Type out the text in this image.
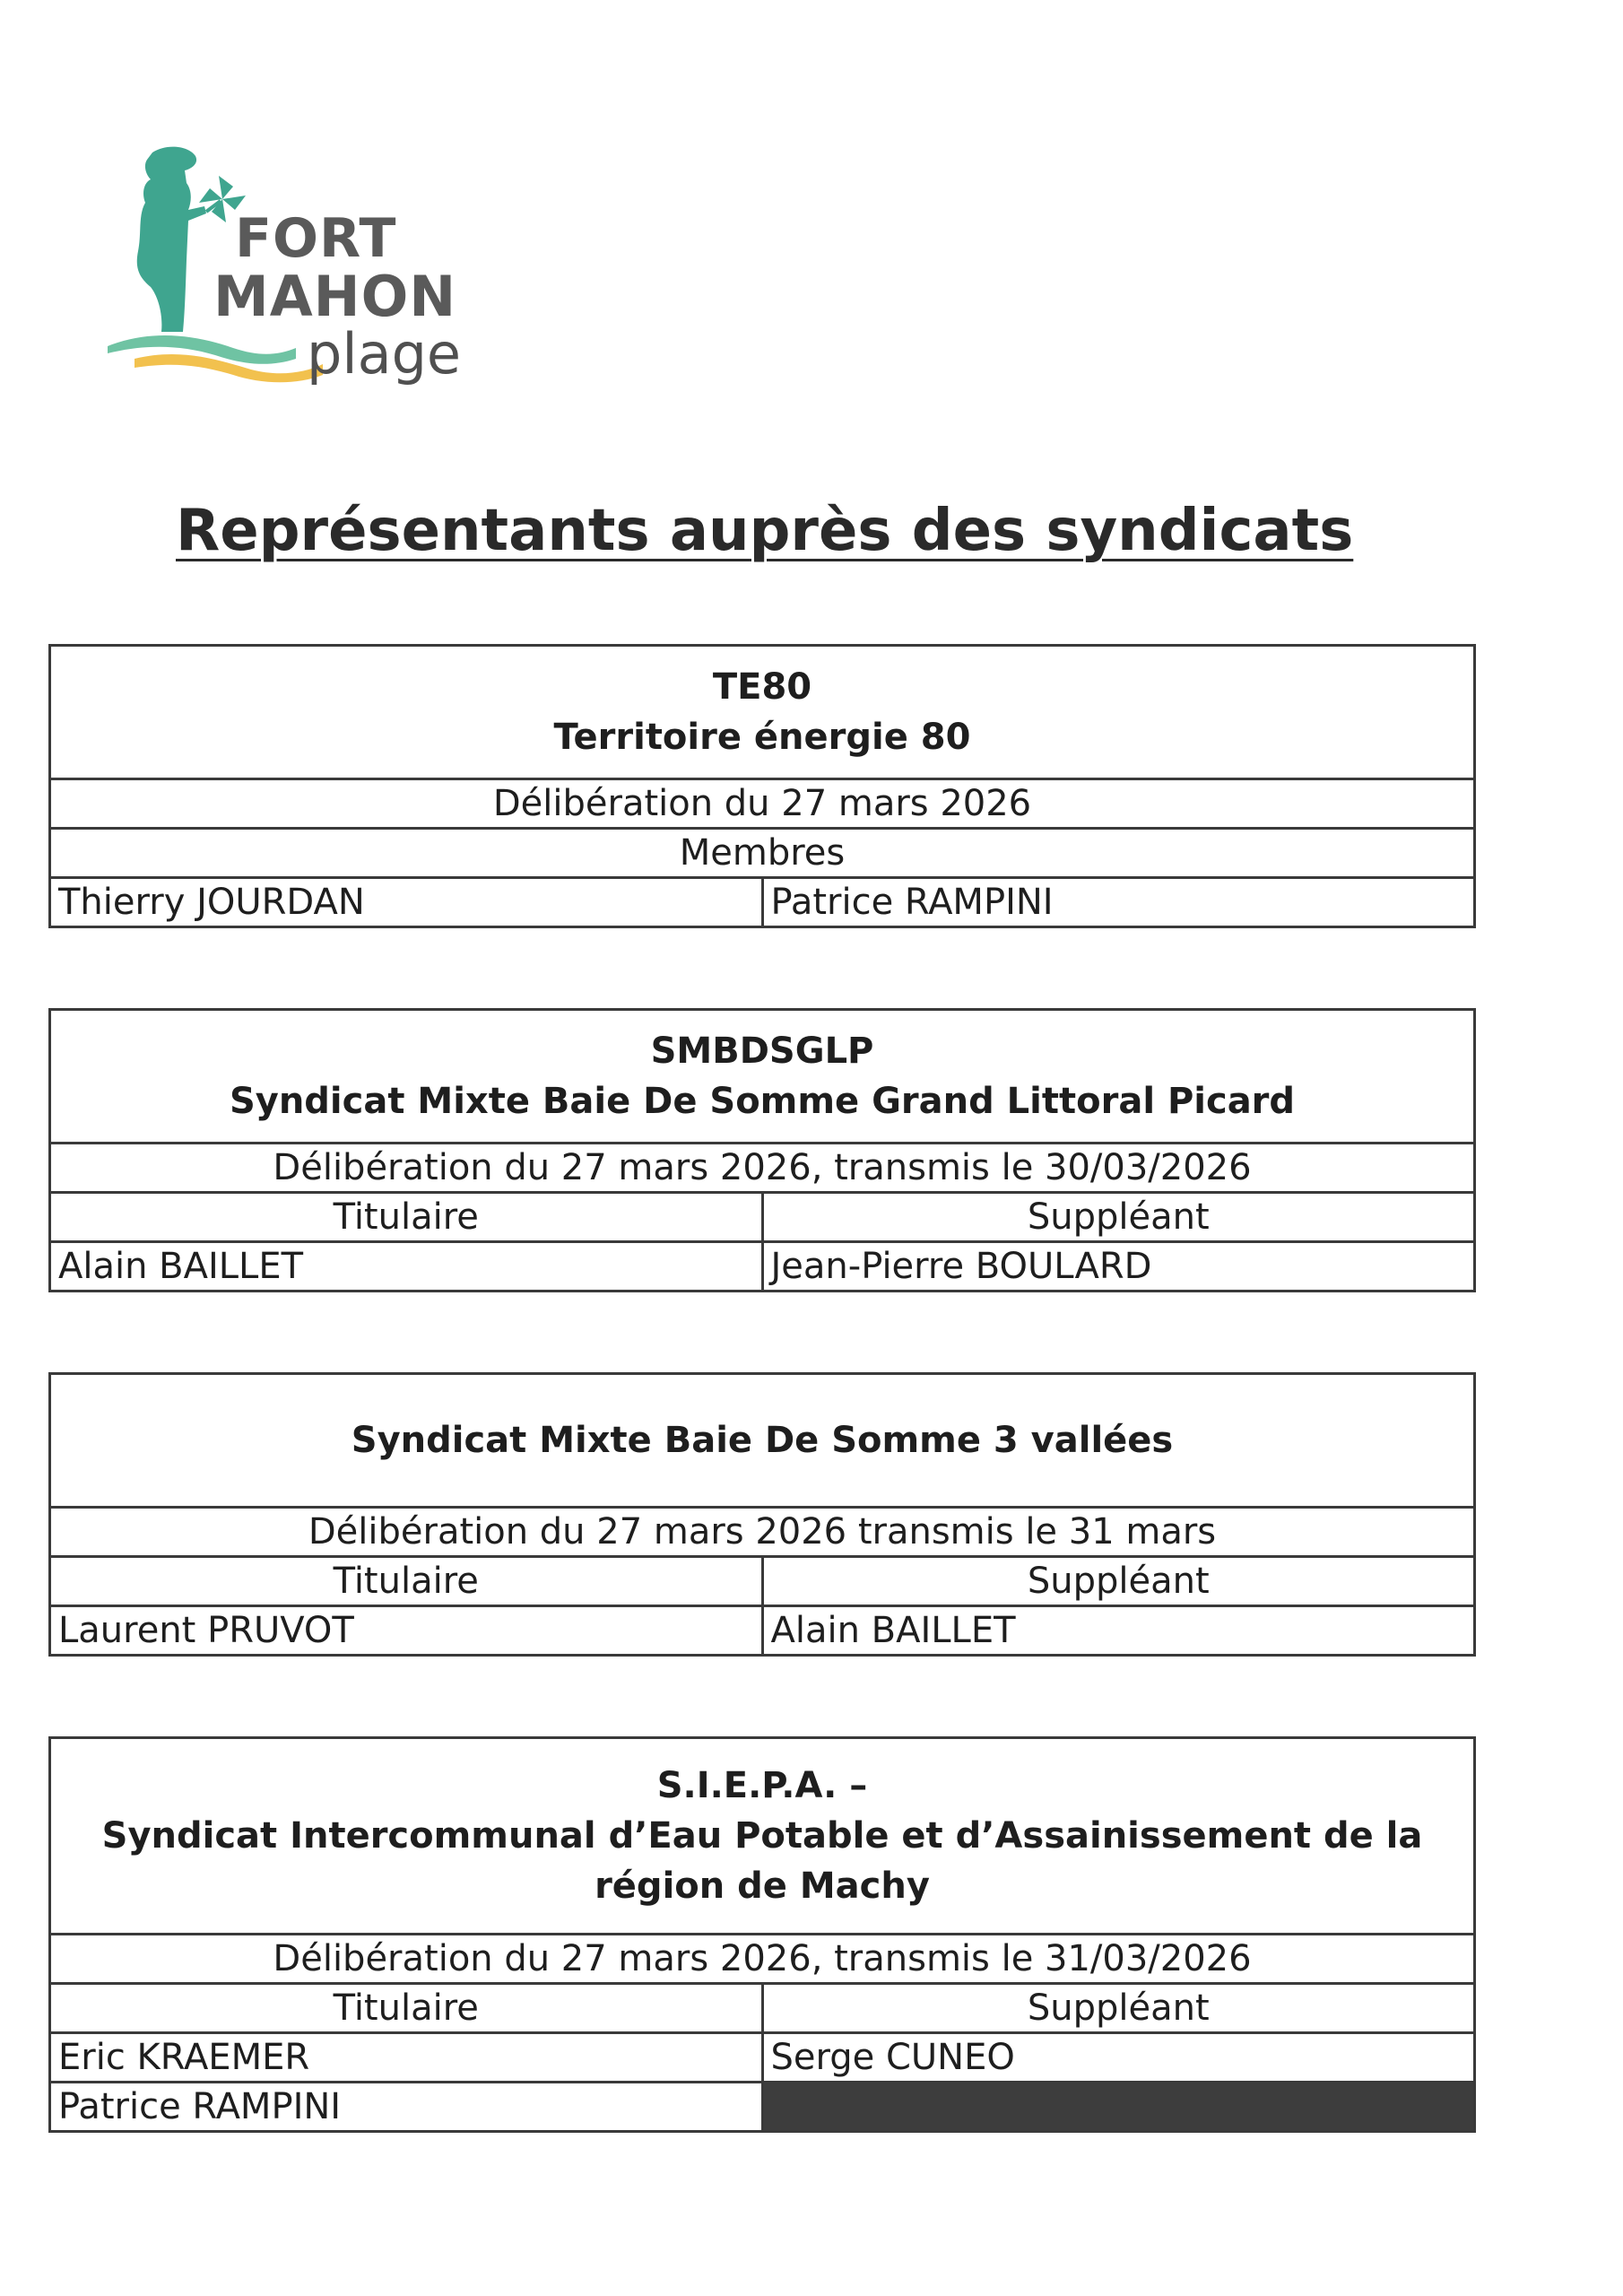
FORT
MAHON
plage
Représentants auprès des syndicats
TE80
Territoire énergie 80

Délibération du 27 mars 2026
Membres
Thierry JOURDAN	Patrice RAMPINI
SMBDSGLP
Syndicat Mixte Baie De Somme Grand Littoral Picard	

Délibération du 27 mars 2026, transmis le 30/03/2026	
Titulaire	Suppléant
Alain BAILLET	Jean-Pierre BOULARD
Syndicat Mixte Baie De Somme 3 vallées	

Délibération du 27 mars 2026 transmis le 31 mars	
Titulaire	Suppléant
Laurent PRUVOT	Alain BAILLET
S.I.E.P.A. –
Syndicat Intercommunal d’Eau Potable et d’Assainissement de la région de Machy	

Délibération du 27 mars 2026, transmis le 31/03/2026	
Titulaire	Suppléant
Eric KRAEMER	Serge CUNEO
Patrice RAMPINI	
